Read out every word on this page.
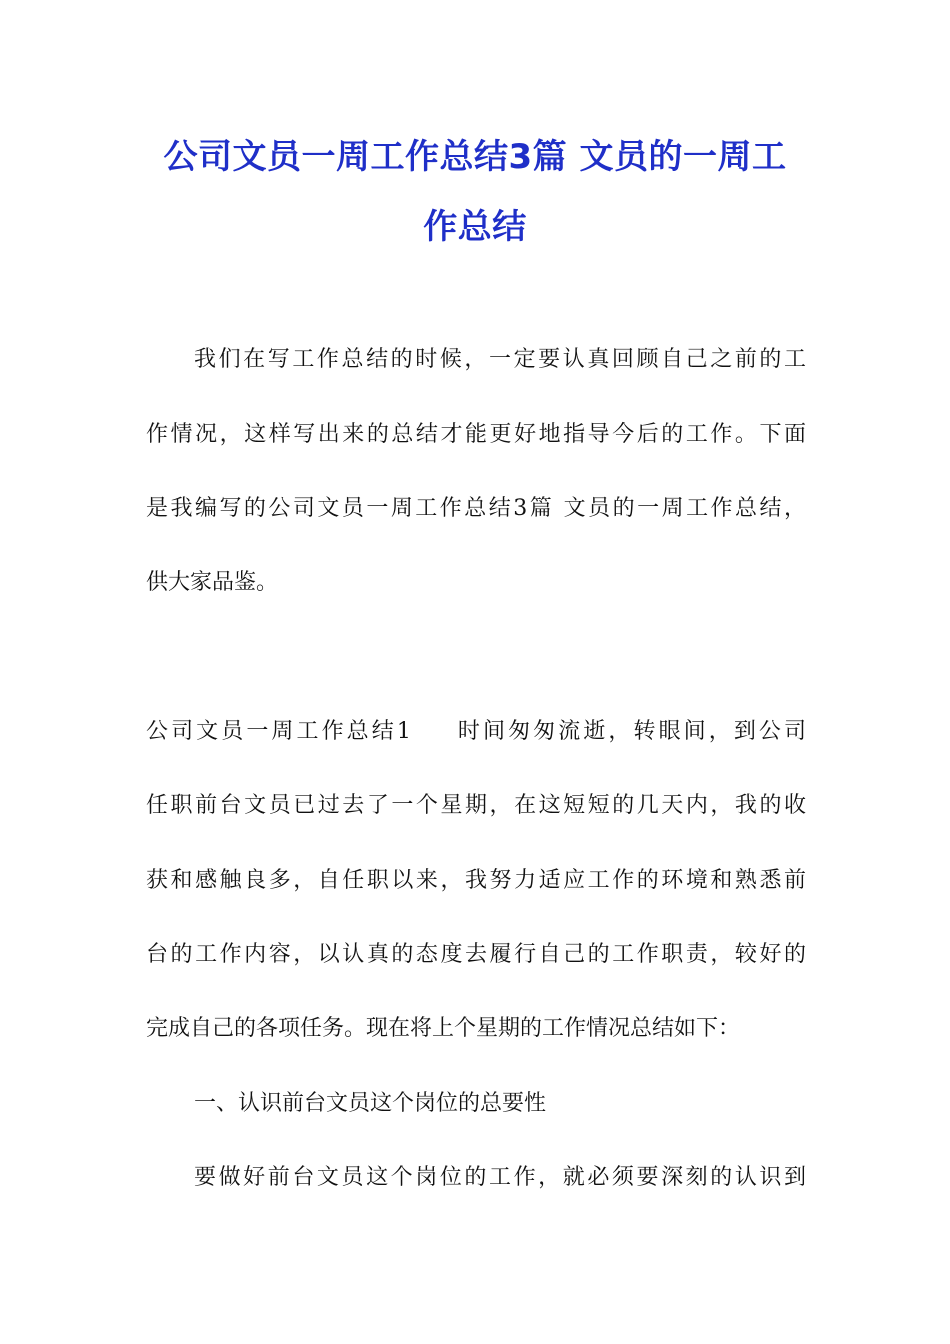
公司文员一周工作总结3篇 文员的一周工
作总结

我们在写工作总结的时候，一定要认真回顾自己之前的工

作情况，这样写出来的总结才能更好地指导今后的工作。下面

是我编写的公司文员一周工作总结3篇 文员的一周工作总结，

供大家品鉴。

公司文员一周工作总结1 时间匆匆流逝，转眼间，到公司

任职前台文员已过去了一个星期，在这短短的几天内，我的收

获和感触良多，自任职以来，我努力适应工作的环境和熟悉前

台的工作内容，以认真的态度去履行自己的工作职责，较好的

完成自己的各项任务。现在将上个星期的工作情况总结如下：

一、认识前台文员这个岗位的总要性

要做好前台文员这个岗位的工作，就必须要深刻的认识到
